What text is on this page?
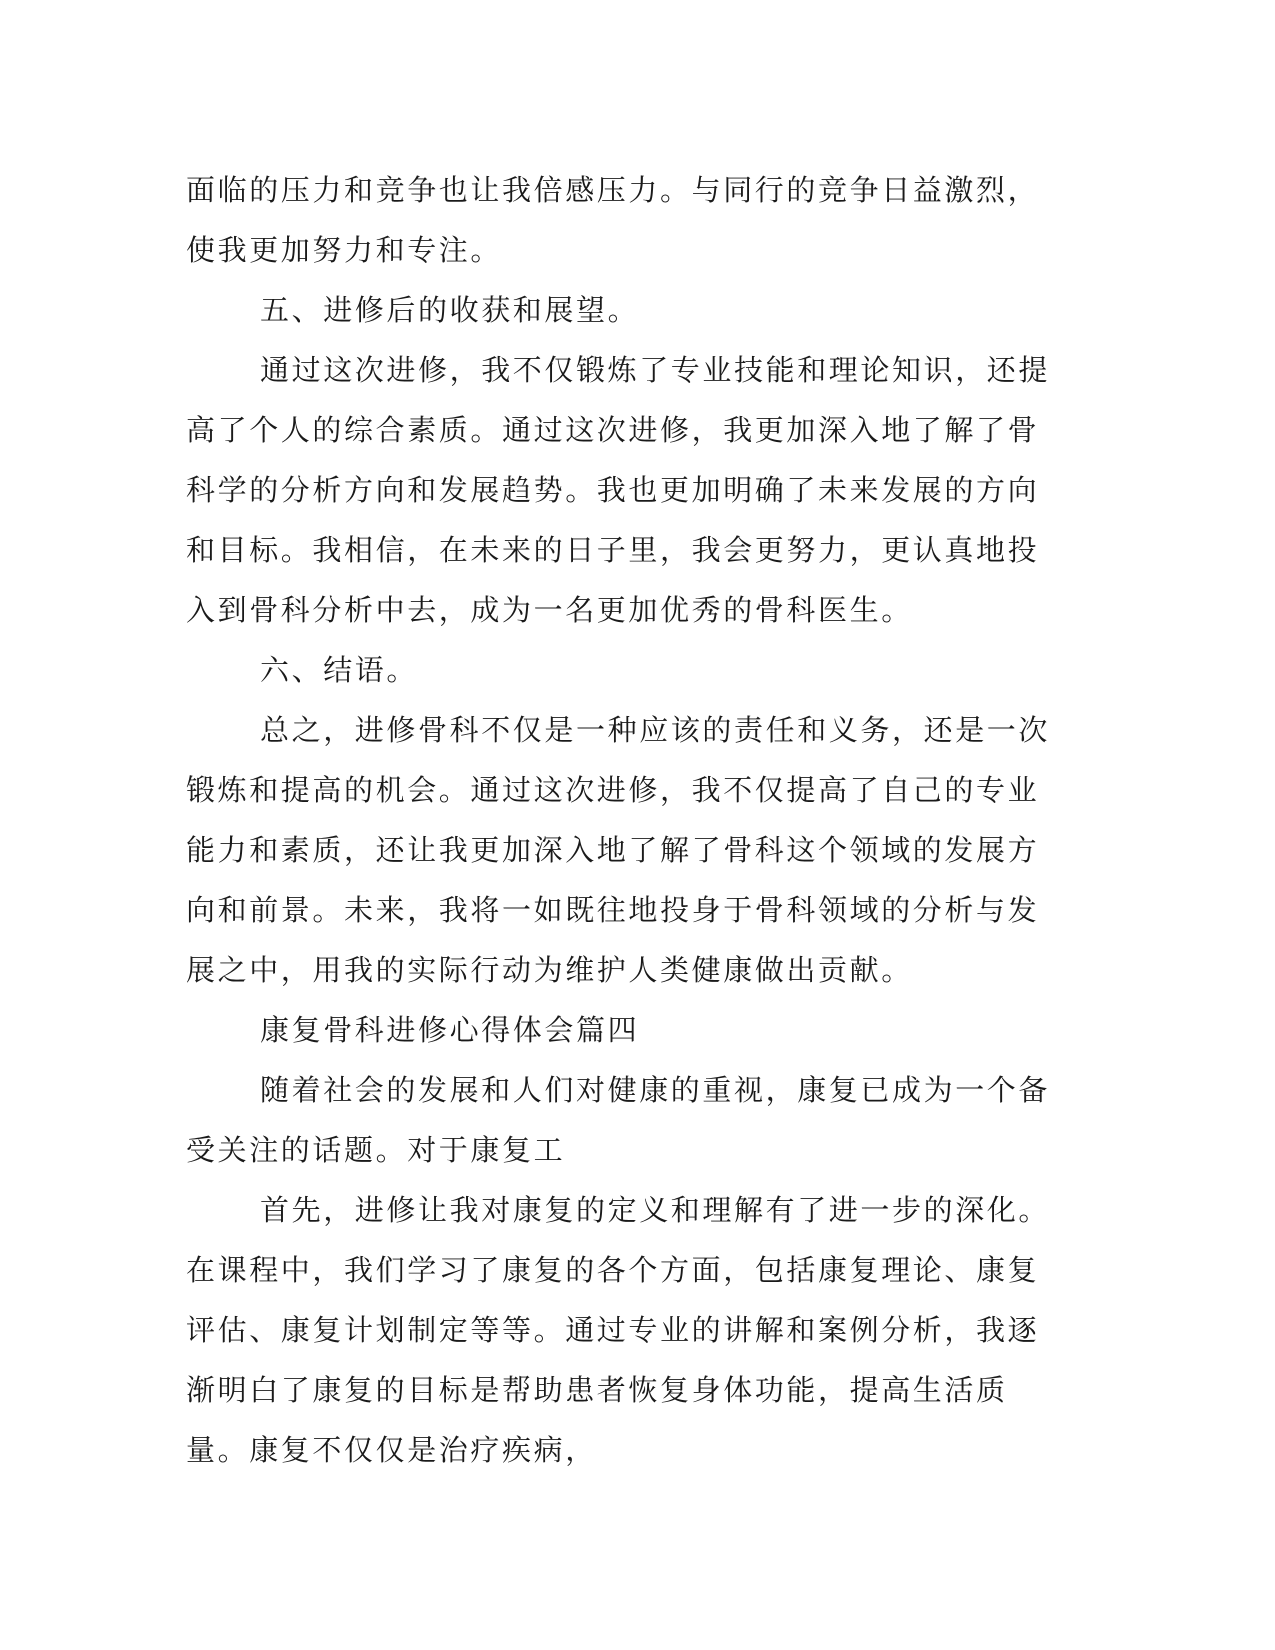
面临的压力和竞争也让我倍感压力。与同行的竞争日益激烈，使我更加努力和专注。

五、进修后的收获和展望。

通过这次进修，我不仅锻炼了专业技能和理论知识，还提高了个人的综合素质。通过这次进修，我更加深入地了解了骨科学的分析方向和发展趋势。我也更加明确了未来发展的方向和目标。我相信，在未来的日子里，我会更努力，更认真地投入到骨科分析中去，成为一名更加优秀的骨科医生。

六、结语。

总之，进修骨科不仅是一种应该的责任和义务，还是一次锻炼和提高的机会。通过这次进修，我不仅提高了自己的专业能力和素质，还让我更加深入地了解了骨科这个领域的发展方向和前景。未来，我将一如既往地投身于骨科领域的分析与发展之中，用我的实际行动为维护人类健康做出贡献。

康复骨科进修心得体会篇四

随着社会的发展和人们对健康的重视，康复已成为一个备受关注的话题。对于康复工

首先，进修让我对康复的定义和理解有了进一步的深化。在课程中，我们学习了康复的各个方面，包括康复理论、康复评估、康复计划制定等等。通过专业的讲解和案例分析，我逐渐明白了康复的目标是帮助患者恢复身体功能，提高生活质量。康复不仅仅是治疗疾病，
